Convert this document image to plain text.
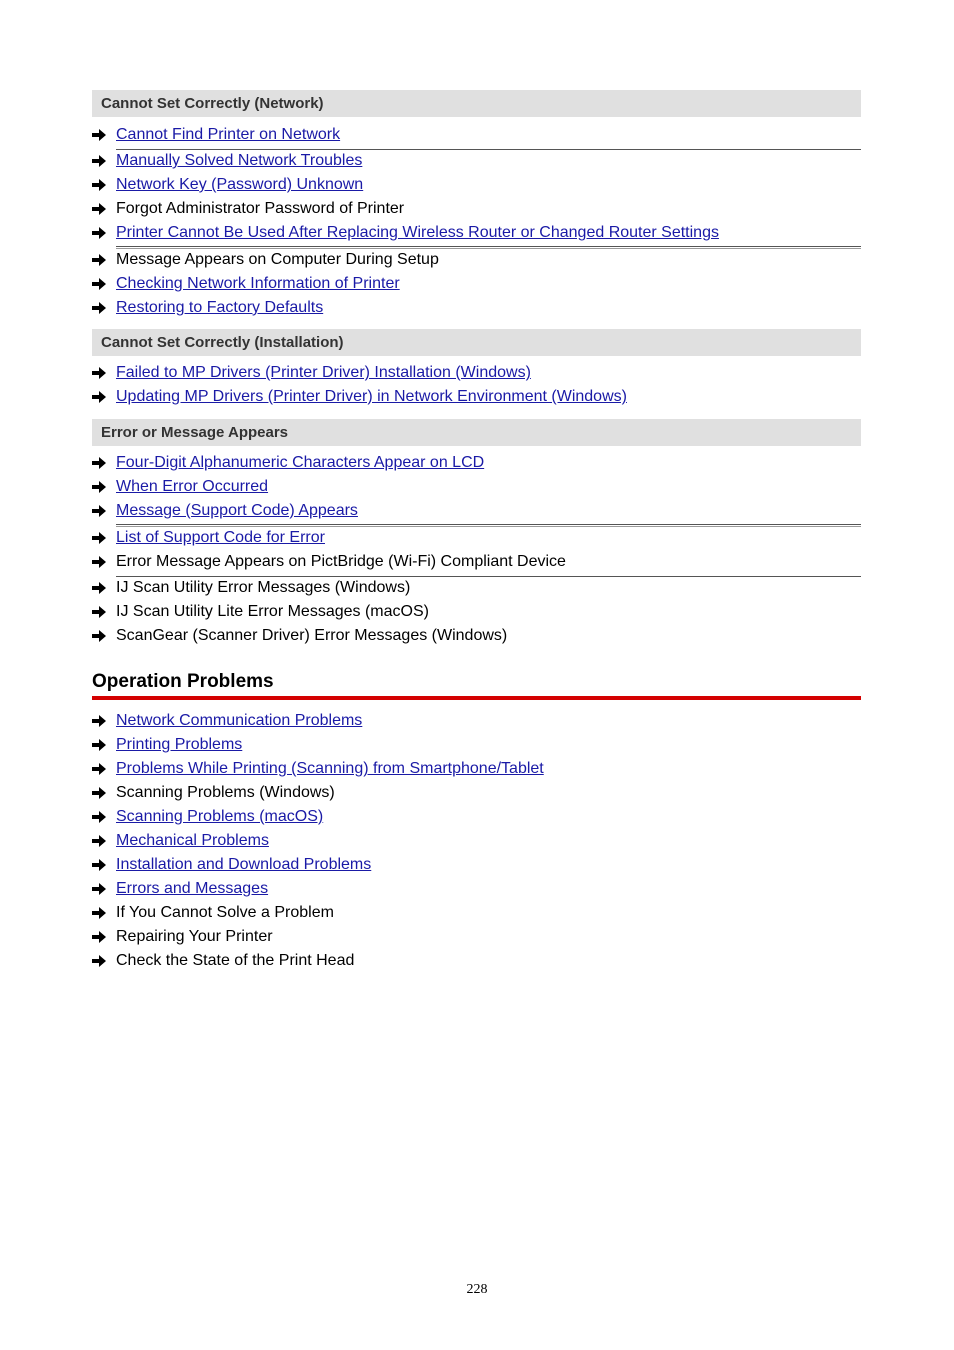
Cannot Set Correctly (Network)
Cannot Find Printer on Network
Manually Solved Network Troubles
Network Key (Password) Unknown
Forgot Administrator Password of Printer
Printer Cannot Be Used After Replacing Wireless Router or Changed Router Settings
Message Appears on Computer During Setup
Checking Network Information of Printer
Restoring to Factory Defaults
Cannot Set Correctly (Installation)
Failed to MP Drivers (Printer Driver) Installation (Windows)
Updating MP Drivers (Printer Driver) in Network Environment (Windows)
Error or Message Appears
Four-Digit Alphanumeric Characters Appear on LCD
When Error Occurred
Message (Support Code) Appears
List of Support Code for Error
Error Message Appears on PictBridge (Wi-Fi) Compliant Device
IJ Scan Utility Error Messages (Windows)
IJ Scan Utility Lite Error Messages (macOS)
ScanGear (Scanner Driver) Error Messages (Windows)
Operation Problems
Network Communication Problems
Printing Problems
Problems While Printing (Scanning) from Smartphone/Tablet
Scanning Problems (Windows)
Scanning Problems (macOS)
Mechanical Problems
Installation and Download Problems
Errors and Messages
If You Cannot Solve a Problem
Repairing Your Printer
Check the State of the Print Head
228
